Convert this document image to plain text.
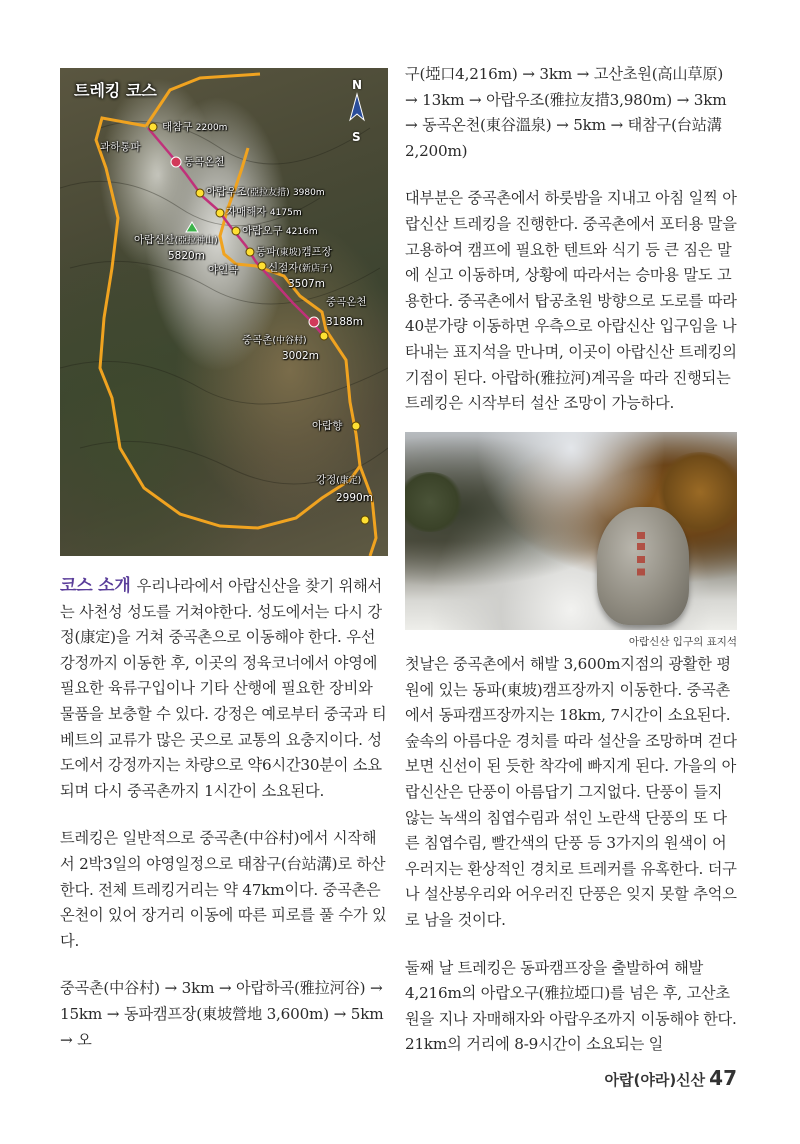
트레킹 코스	N
S
태참구 2200m
과하통파
동곡온천
아랍우조(亞拉友措) 3980m
자매해자 4175m
아랍오구 4216m
아랍신산(亞拉神山)
5820m	동파(東坡)캠프장
야인곡	신점자(新店子)
3507m
중곡온천
3188m
중곡촌(中谷村)
3002m
아랍향
강정(康定)
2990m

코스 소개 우리나라에서 아랍신산을 찾기 위해서는 사천성 성도를 거쳐야한다. 성도에서는 다시 강정(康定)을 거쳐 중곡촌으로 이동해야 한다. 우선 강정까지 이동한 후, 이곳의 정육코너에서 야영에 필요한 육류구입이나 기타 산행에 필요한 장비와 물품을 보충할 수 있다. 강정은 예로부터 중국과 티베트의 교류가 많은 곳으로 교통의 요충지이다. 성도에서 강정까지는 차량으로 약6시간30분이 소요되며 다시 중곡촌까지 1시간이 소요된다.

트레킹은 일반적으로 중곡촌(中谷村)에서 시작해서 2박3일의 야영일정으로 태참구(台站溝)로 하산한다. 전체 트레킹거리는 약 47km이다. 중곡촌은 온천이 있어 장거리 이동에 따른 피로를 풀 수가 있다.

중곡촌(中谷村) → 3km → 아랍하곡(雅拉河谷) → 15km → 동파캠프장(東坡營地 3,600m) → 5km → 오

구(埡口4,216m) → 3km → 고산초원(高山草原) → 13km → 아랍우조(雅拉友措3,980m) → 3km → 동곡온천(東谷溫泉) → 5km → 태참구(台站溝 2,200m)

대부분은 중곡촌에서 하룻밤을 지내고 아침 일찍 아랍신산 트레킹을 진행한다. 중곡촌에서 포터용 말을 고용하여 캠프에 필요한 텐트와 식기 등 큰 짐은 말에 싣고 이동하며, 상황에 따라서는 승마용 말도 고용한다. 중곡촌에서 탑공초원 방향으로 도로를 따라 40분가량 이동하면 우측으로 아랍신산 입구임을 나타내는 표지석을 만나며, 이곳이 아랍신산 트레킹의 기점이 된다. 아랍하(雅拉河)계곡을 따라 진행되는 트레킹은 시작부터 설산 조망이 가능하다.

아랍신산 입구의 표지석

첫날은 중곡촌에서 해발 3,600m지점의 광활한 평원에 있는 동파(東坡)캠프장까지 이동한다. 중곡촌에서 동파캠프장까지는 18km, 7시간이 소요된다. 숲속의 아름다운 경치를 따라 설산을 조망하며 걷다보면 신선이 된 듯한 착각에 빠지게 된다. 가을의 아랍신산은 단풍이 아름답기 그지없다. 단풍이 들지 않는 녹색의 침엽수림과 섞인 노란색 단풍의 또 다른 침엽수림, 빨간색의 단풍 등 3가지의 원색이 어우러지는 환상적인 경치로 트레커를 유혹한다. 더구나 설산봉우리와 어우러진 단풍은 잊지 못할 추억으로 남을 것이다.

둘째 날 트레킹은 동파캠프장을 출발하여 해발 4,216m의 아랍오구(雅拉埡口)를 넘은 후, 고산초원을 지나 자매해자와 아랍우조까지 이동해야 한다. 21km의 거리에 8-9시간이 소요되는 일

아랍(야라)신산 47
